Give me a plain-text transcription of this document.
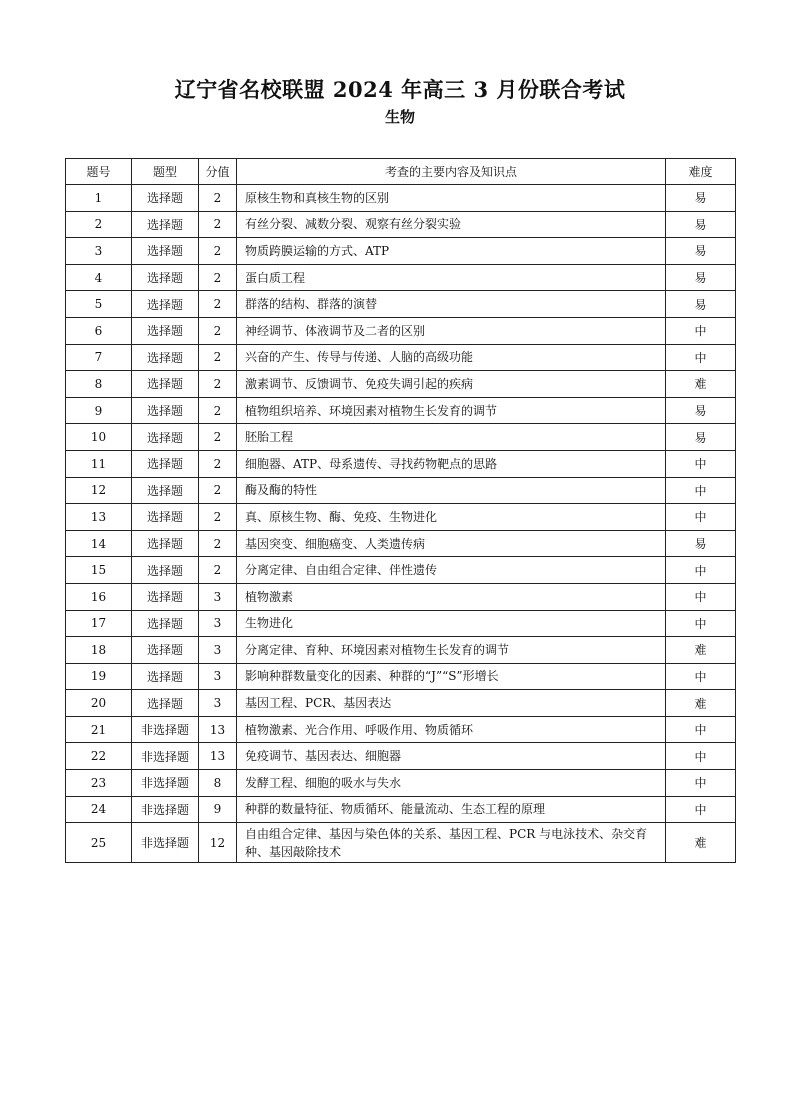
辽宁省名校联盟 2024 年高三 3 月份联合考试
生物
题号	题型	分值	考查的主要内容及知识点	难度
1	选择题	2	原核生物和真核生物的区别	易
2	选择题	2	有丝分裂、减数分裂、观察有丝分裂实验	易
3	选择题	2	物质跨膜运输的方式、ATP	易
4	选择题	2	蛋白质工程	易
5	选择题	2	群落的结构、群落的演替	易
6	选择题	2	神经调节、体液调节及二者的区别	中
7	选择题	2	兴奋的产生、传导与传递、人脑的高级功能	中
8	选择题	2	激素调节、反馈调节、免疫失调引起的疾病	难
9	选择题	2	植物组织培养、环境因素对植物生长发育的调节	易
10	选择题	2	胚胎工程	易
11	选择题	2	细胞器、ATP、母系遗传、寻找药物靶点的思路	中
12	选择题	2	酶及酶的特性	中
13	选择题	2	真、原核生物、酶、免疫、生物进化	中
14	选择题	2	基因突变、细胞癌变、人类遗传病	易
15	选择题	2	分离定律、自由组合定律、伴性遗传	中
16	选择题	3	植物激素	中
17	选择题	3	生物进化	中
18	选择题	3	分离定律、育种、环境因素对植物生长发育的调节	难
19	选择题	3	影响种群数量变化的因素、种群的“J”“S”形增长	中
20	选择题	3	基因工程、PCR、基因表达	难
21	非选择题	13	植物激素、光合作用、呼吸作用、物质循环	中
22	非选择题	13	免疫调节、基因表达、细胞器	中
23	非选择题	8	发酵工程、细胞的吸水与失水	中
24	非选择题	9	种群的数量特征、物质循环、能量流动、生态工程的原理	中
25	非选择题	12	自由组合定律、基因与染色体的关系、基因工程、PCR 与电泳技术、杂交育种、基因敲除技术	难
